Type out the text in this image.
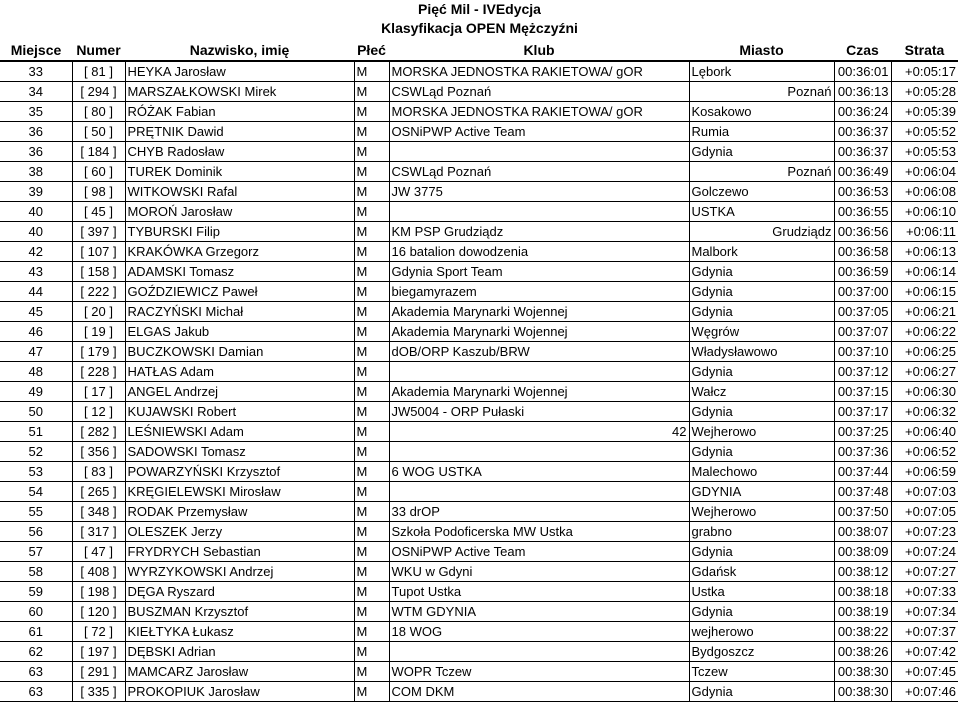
Pięć Mil - IVEdycja
Klasyfikacja OPEN Mężczyźni
Miejsce	Numer	Nazwisko, imię	Płeć	Klub	Miasto	Czas	Strata
33	[ 81 ]	HEYKA Jarosław	M	MORSKA JEDNOSTKA RAKIETOWA/ gOR	Lębork	00:36:01	+0:05:17
34	[ 294 ]	MARSZAŁKOWSKI Mirek	M	CSWLąd Poznań	Poznań	00:36:13	+0:05:28
35	[ 80 ]	RÓŻAK Fabian	M	MORSKA JEDNOSTKA RAKIETOWA/ gOR	Kosakowo	00:36:24	+0:05:39
36	[ 50 ]	PRĘTNIK Dawid	M	OSNiPWP Active Team	Rumia	00:36:37	+0:05:52
36	[ 184 ]	CHYB Radosław	M		Gdynia	00:36:37	+0:05:53
38	[ 60 ]	TUREK Dominik	M	CSWLąd Poznań	Poznań	00:36:49	+0:06:04
39	[ 98 ]	WITKOWSKI Rafal	M	JW 3775	Golczewo	00:36:53	+0:06:08
40	[ 45 ]	MOROŃ Jarosław	M		USTKA	00:36:55	+0:06:10
40	[ 397 ]	TYBURSKI Filip	M	KM PSP Grudziądz	Grudziądz	00:36:56	+0:06:11
42	[ 107 ]	KRAKÓWKA Grzegorz	M	16 batalion dowodzenia	Malbork	00:36:58	+0:06:13
43	[ 158 ]	ADAMSKI Tomasz	M	Gdynia Sport Team	Gdynia	00:36:59	+0:06:14
44	[ 222 ]	GOŹDZIEWICZ Paweł	M	biegamyrazem	Gdynia	00:37:00	+0:06:15
45	[ 20 ]	RACZYŃSKI Michał	M	Akademia Marynarki Wojennej	Gdynia	00:37:05	+0:06:21
46	[ 19 ]	ELGAS Jakub	M	Akademia Marynarki Wojennej	Węgrów	00:37:07	+0:06:22
47	[ 179 ]	BUCZKOWSKI Damian	M	dOB/ORP Kaszub/BRW	Władysławowo	00:37:10	+0:06:25
48	[ 228 ]	HATŁAS Adam	M		Gdynia	00:37:12	+0:06:27
49	[ 17 ]	ANGEL Andrzej	M	Akademia Marynarki Wojennej	Wałcz	00:37:15	+0:06:30
50	[ 12 ]	KUJAWSKI Robert	M	JW5004 - ORP Pułaski	Gdynia	00:37:17	+0:06:32
51	[ 282 ]	LEŚNIEWSKI Adam	M	42	Wejherowo	00:37:25	+0:06:40
52	[ 356 ]	SADOWSKI Tomasz	M		Gdynia	00:37:36	+0:06:52
53	[ 83 ]	POWARZYŃSKI Krzysztof	M	6 WOG USTKA	Malechowo	00:37:44	+0:06:59
54	[ 265 ]	KRĘGIELEWSKI Mirosław	M		GDYNIA	00:37:48	+0:07:03
55	[ 348 ]	RODAK Przemysław	M	33 drOP	Wejherowo	00:37:50	+0:07:05
56	[ 317 ]	OLESZEK Jerzy	M	Szkoła Podoficerska MW Ustka	grabno	00:38:07	+0:07:23
57	[ 47 ]	FRYDRYCH Sebastian	M	OSNiPWP Active Team	Gdynia	00:38:09	+0:07:24
58	[ 408 ]	WYRZYKOWSKI Andrzej	M	WKU w Gdyni	Gdańsk	00:38:12	+0:07:27
59	[ 198 ]	DĘGA Ryszard	M	Tupot Ustka	Ustka	00:38:18	+0:07:33
60	[ 120 ]	BUSZMAN Krzysztof	M	WTM GDYNIA	Gdynia	00:38:19	+0:07:34
61	[ 72 ]	KIEŁTYKA Łukasz	M	18 WOG	wejherowo	00:38:22	+0:07:37
62	[ 197 ]	DĘBSKI Adrian	M		Bydgoszcz	00:38:26	+0:07:42
63	[ 291 ]	MAMCARZ Jarosław	M	WOPR Tczew	Tczew	00:38:30	+0:07:45
63	[ 335 ]	PROKOPIUK Jarosław	M	COM DKM	Gdynia	00:38:30	+0:07:46
